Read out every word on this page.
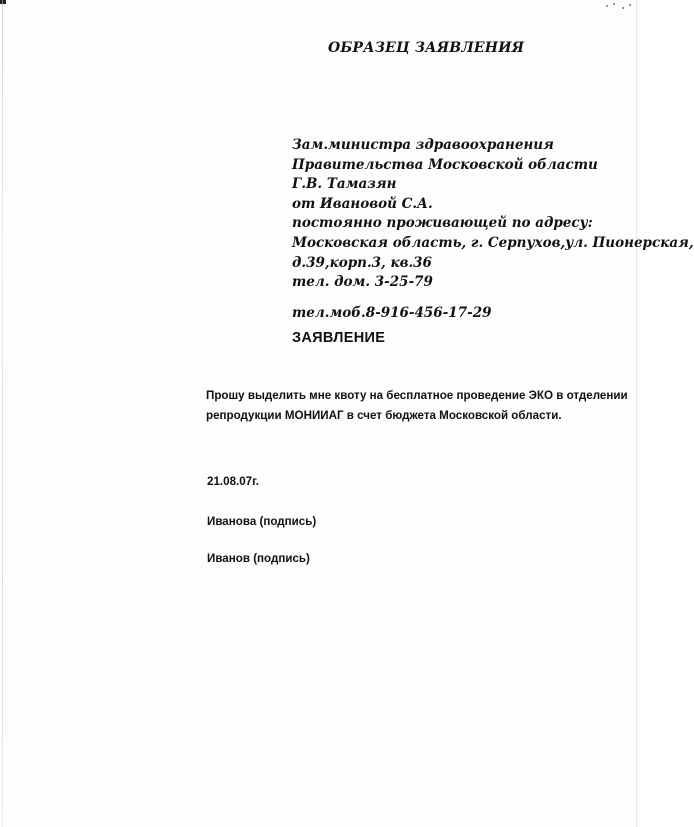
ОБРАЗЕЦ ЗАЯВЛЕНИЯ
Зам.министра здравоохранения
Правительства Московской области
Г.В. Тамазян
от Ивановой С.А.
постоянно проживающей по адресу:
Московская область, г. Серпухов,ул. Пионерская,
д.39,корп.3, кв.36
тел. дом. 3-25-79
тел.моб.8-916-456-17-29
ЗАЯВЛЕНИЕ
Прошу выделить мне квоту на бесплатное проведение ЭКО в отделении
репродукции МОНИИАГ в счет бюджета Московской области.
21.08.07г.
Иванова (подпись)
Иванов (подпись)
